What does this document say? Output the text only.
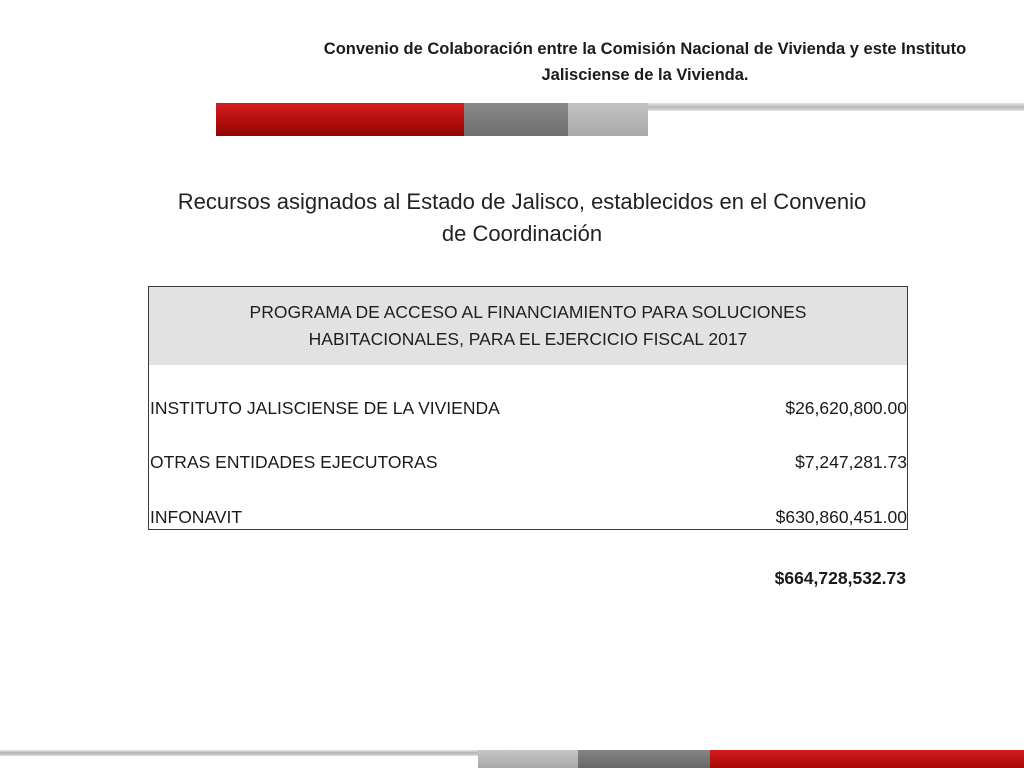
Convenio de Colaboración entre la Comisión Nacional de Vivienda y este Instituto
Jalisciense de la Vivienda.
Recursos asignados al Estado de Jalisco, establecidos en el Convenio
de Coordinación
PROGRAMA DE ACCESO AL FINANCIAMIENTO PARA SOLUCIONES
HABITACIONALES, PARA EL EJERCICIO FISCAL 2017
INSTITUTO JALISCIENSE DE LA VIVIENDA	$26,620,800.00
OTRAS ENTIDADES EJECUTORAS	$7,247,281.73
INFONAVIT	$630,860,451.00
$664,728,532.73
